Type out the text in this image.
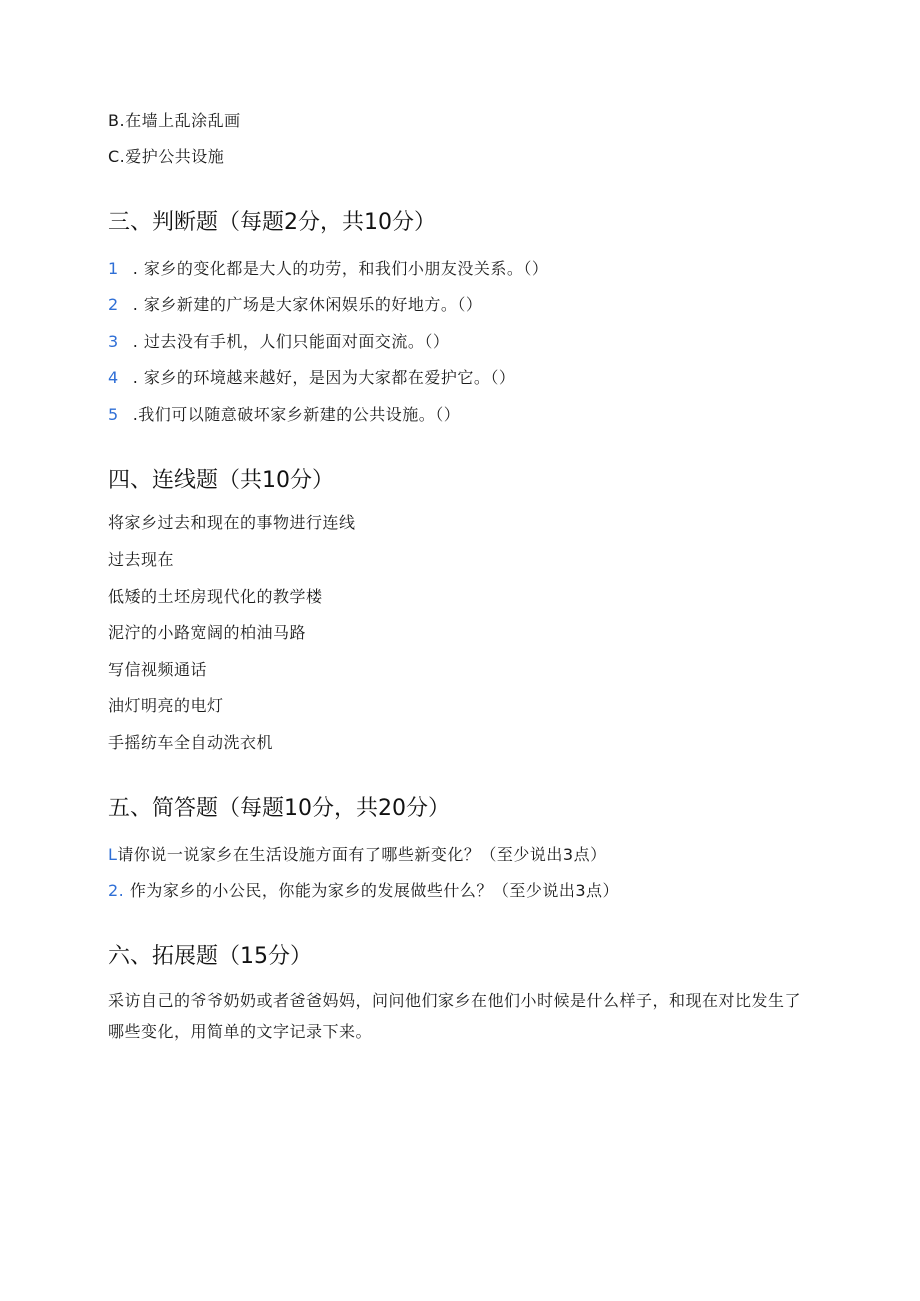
B.在墙上乱涂乱画
C.爱护公共设施
三、判断题（每题2分，共10分）
1 . 家乡的变化都是大人的功劳，和我们小朋友没关系。（）
2 . 家乡新建的广场是大家休闲娱乐的好地方。（）
3 . 过去没有手机，人们只能面对面交流。（）
4 . 家乡的环境越来越好，是因为大家都在爱护它。（）
5 .我们可以随意破坏家乡新建的公共设施。（）
四、连线题（共10分）
将家乡过去和现在的事物进行连线
过去现在
低矮的土坯房现代化的教学楼
泥泞的小路宽阔的柏油马路
写信视频通话
油灯明亮的电灯
手摇纺车全自动洗衣机
五、简答题（每题10分，共20分）
L请你说一说家乡在生活设施方面有了哪些新变化？（至少说出3点）
2. 作为家乡的小公民，你能为家乡的发展做些什么？（至少说出3点）
六、拓展题（15分）
采访自己的爷爷奶奶或者爸爸妈妈，问问他们家乡在他们小时候是什么样子，和现在对比发生了哪些变化，用简单的文字记录下来。
